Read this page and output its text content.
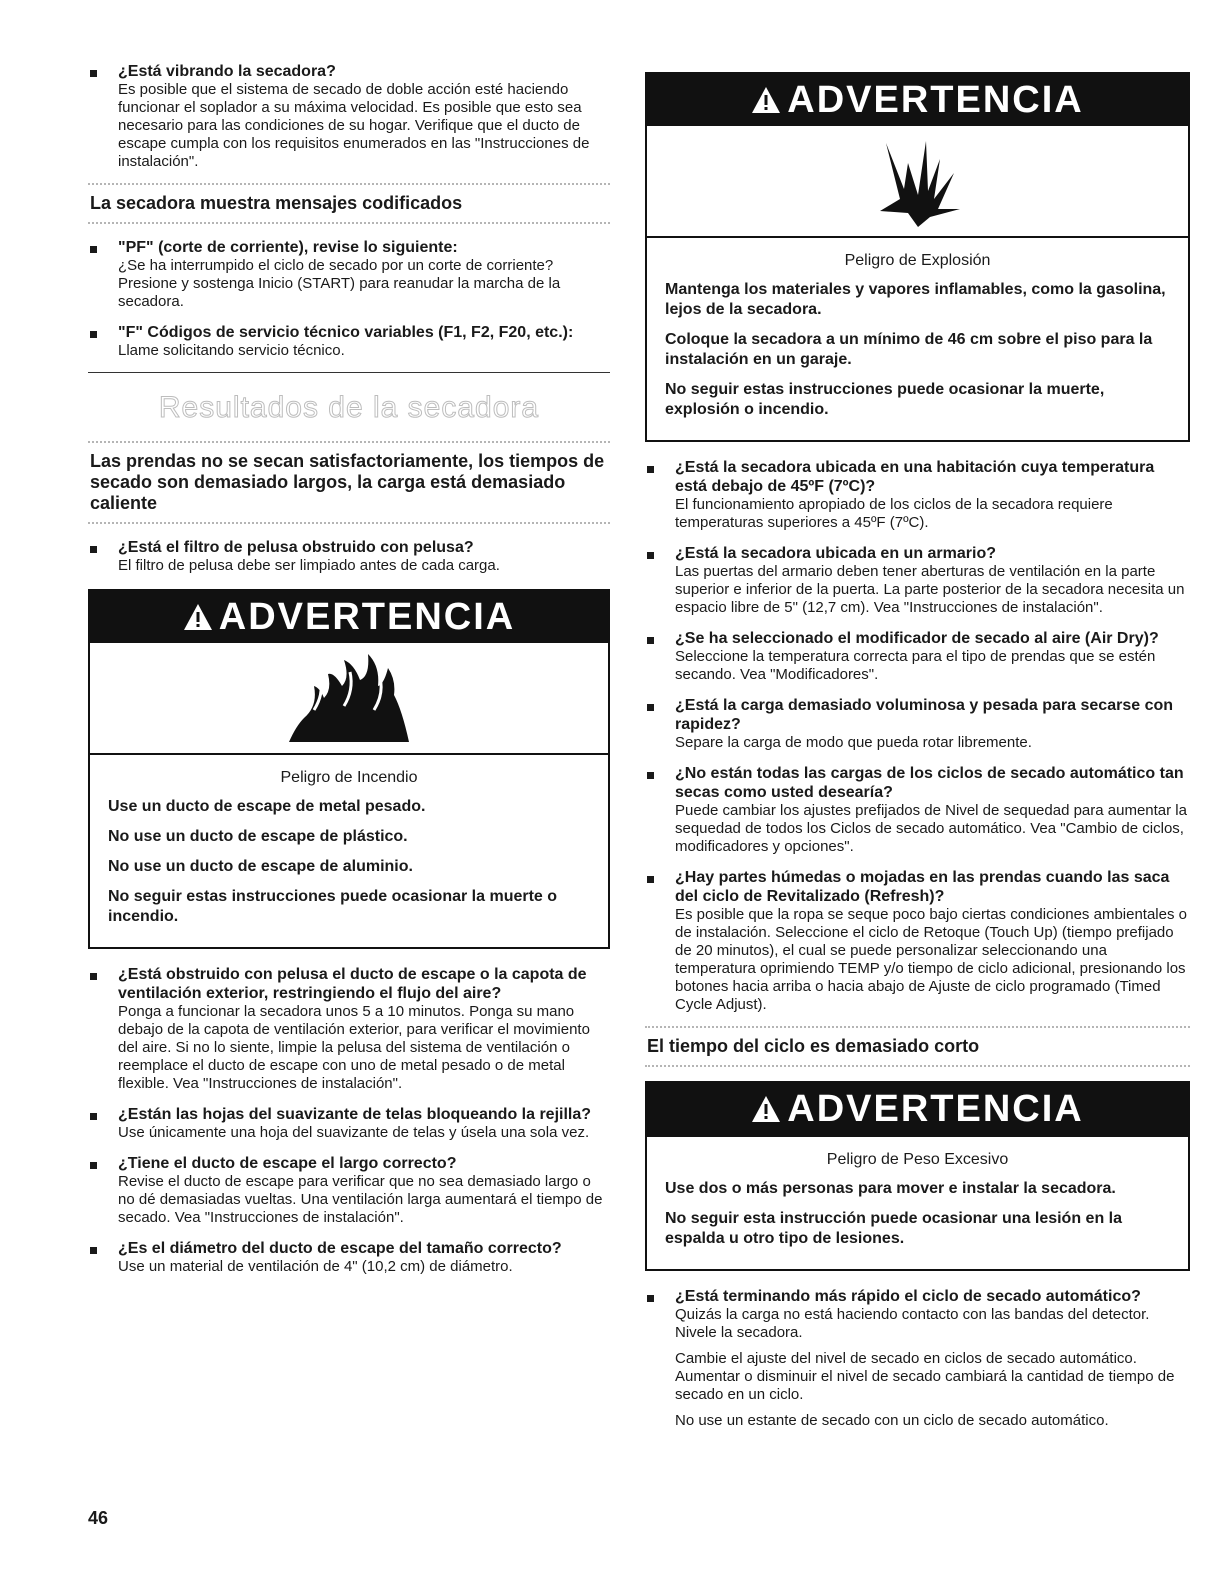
¿Está vibrando la secadora?
Es posible que el sistema de secado de doble acción esté haciendo funcionar el soplador a su máxima velocidad. Es posible que esto sea necesario para las condiciones de su hogar. Verifique que el ducto de escape cumpla con los requisitos enumerados en las "Instrucciones de instalación".
La secadora muestra mensajes codificados
"PF" (corte de corriente), revise lo siguiente:
¿Se ha interrumpido el ciclo de secado por un corte de corriente? Presione y sostenga Inicio (START) para reanudar la marcha de la secadora.
"F" Códigos de servicio técnico variables (F1, F2, F20, etc.): Llame solicitando servicio técnico.
Resultados de la secadora
Las prendas no se secan satisfactoriamente, los tiempos de secado son demasiado largos, la carga está demasiado caliente
¿Está el filtro de pelusa obstruido con pelusa?
El filtro de pelusa debe ser limpiado antes de cada carga.
ADVERTENCIA
Peligro de Incendio
Use un ducto de escape de metal pesado.
No use un ducto de escape de plástico.
No use un ducto de escape de aluminio.
No seguir estas instrucciones puede ocasionar la muerte o incendio.
¿Está obstruido con pelusa el ducto de escape o la capota de ventilación exterior, restringiendo el flujo del aire?
Ponga a funcionar la secadora unos 5 a 10 minutos. Ponga su mano debajo de la capota de ventilación exterior, para verificar el movimiento del aire. Si no lo siente, limpie la pelusa del sistema de ventilación o reemplace el ducto de escape con uno de metal pesado o de metal flexible. Vea "Instrucciones de instalación".
¿Están las hojas del suavizante de telas bloqueando la rejilla?
Use únicamente una hoja del suavizante de telas y úsela una sola vez.
¿Tiene el ducto de escape el largo correcto?
Revise el ducto de escape para verificar que no sea demasiado largo o no dé demasiadas vueltas. Una ventilación larga aumentará el tiempo de secado. Vea "Instrucciones de instalación".
¿Es el diámetro del ducto de escape del tamaño correcto?
Use un material de ventilación de 4" (10,2 cm) de diámetro.
ADVERTENCIA
Peligro de Explosión
Mantenga los materiales y vapores inflamables, como la gasolina, lejos de la secadora.
Coloque la secadora a un mínimo de 46 cm sobre el piso para la instalación en un garaje.
No seguir estas instrucciones puede ocasionar la muerte, explosión o incendio.
¿Está la secadora ubicada en una habitación cuya temperatura está debajo de 45ºF (7ºC)?
El funcionamiento apropiado de los ciclos de la secadora requiere temperaturas superiores a 45ºF (7ºC).
¿Está la secadora ubicada en un armario?
Las puertas del armario deben tener aberturas de ventilación en la parte superior e inferior de la puerta. La parte posterior de la secadora necesita un espacio libre de 5" (12,7 cm). Vea "Instrucciones de instalación".
¿Se ha seleccionado el modificador de secado al aire (Air Dry)?
Seleccione la temperatura correcta para el tipo de prendas que se estén secando. Vea "Modificadores".
¿Está la carga demasiado voluminosa y pesada para secarse con rapidez?
Separe la carga de modo que pueda rotar libremente.
¿No están todas las cargas de los ciclos de secado automático tan secas como usted desearía?
Puede cambiar los ajustes prefijados de Nivel de sequedad para aumentar la sequedad de todos los Ciclos de secado automático. Vea "Cambio de ciclos, modificadores y opciones".
¿Hay partes húmedas o mojadas en las prendas cuando las saca del ciclo de Revitalizado (Refresh)?
Es posible que la ropa se seque poco bajo ciertas condiciones ambientales o de instalación. Seleccione el ciclo de Retoque (Touch Up) (tiempo prefijado de 20 minutos), el cual se puede personalizar seleccionando una temperatura oprimiendo TEMP y/o tiempo de ciclo adicional, presionando los botones hacia arriba o hacia abajo de Ajuste de ciclo programado (Timed Cycle Adjust).
El tiempo del ciclo es demasiado corto
ADVERTENCIA
Peligro de Peso Excesivo
Use dos o más personas para mover e instalar la secadora.
No seguir esta instrucción puede ocasionar una lesión en la espalda u otro tipo de lesiones.
¿Está terminando más rápido el ciclo de secado automático?
Quizás la carga no está haciendo contacto con las bandas del detector. Nivele la secadora.
Cambie el ajuste del nivel de secado en ciclos de secado automático. Aumentar o disminuir el nivel de secado cambiará la cantidad de tiempo de secado en un ciclo.
No use un estante de secado con un ciclo de secado automático.
46
